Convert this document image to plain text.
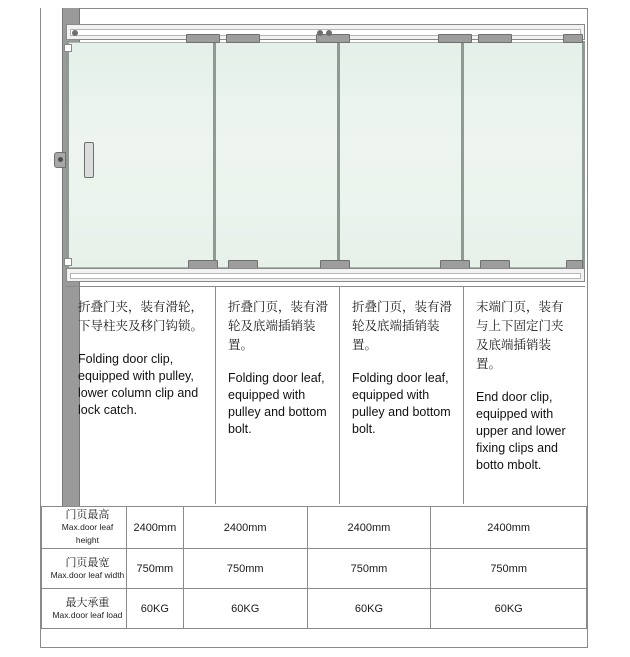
折叠门夹，装有滑轮，下导柱夹及移门钩锁。
Folding door clip, equipped with pulley, lower column clip and lock catch.
折叠门页，装有滑轮及底端插销装置。
Folding door leaf, equipped with pulley and bottom bolt.
折叠门页，装有滑轮及底端插销装置。
Folding door leaf, equipped with pulley and bottom bolt.
末端门页，装有与上下固定门夹及底端插销装置。
End door clip, equipped with upper and lower fixing clips and botto mbolt.
门页最高
Max.door leaf height	2400mm	2400mm	2400mm	2400mm

门页最宽
Max.door leaf width	750mm	750mm	750mm	750mm

最大承重
Max.door leaf load	60KG	60KG	60KG	60KG
